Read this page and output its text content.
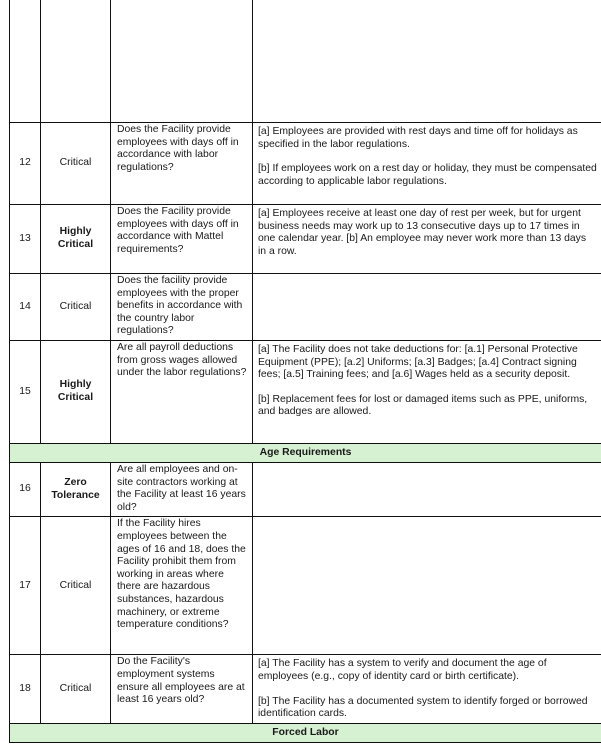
12	Critical	Does the Facility provide employees with days off in accordance with labor regulations?	[a] Employees are provided with rest days and time off for holidays as specified in the labor regulations.

[b] If employees work on a rest day or holiday, they must be compensated according to applicable labor regulations.

13	Highly Critical	Does the Facility provide employees with days off in accordance with Mattel requirements?	[a] Employees receive at least one day of rest per week, but for urgent business needs may work up to 13 consecutive days up to 17 times in one calendar year. [b] An employee may never work more than 13 days in a row.

14	Critical	Does the facility provide employees with the proper benefits in accordance with the country labor regulations?	
15	Highly Critical	Are all payroll deductions from gross wages allowed under the labor regulations?	[a] The Facility does not take deductions for: [a.1] Personal Protective Equipment (PPE); [a.2] Uniforms; [a.3] Badges; [a.4] Contract signing fees; [a.5] Training fees; and [a.6] Wages held as a security deposit.

[b] Replacement fees for lost or damaged items such as PPE, uniforms, and badges are allowed.

Age Requirements			
16	Zero Tolerance	Are all employees and on-site contractors working at the Facility at least 16 years old?	
17	Critical	If the Facility hires employees between the ages of 16 and 18, does the Facility prohibit them from working in areas where there are hazardous substances, hazardous machinery, or extreme temperature conditions?	
18	Critical	Do the Facility's employment systems ensure all employees are at least 16 years old?	[a] The Facility has a system to verify and document the age of employees (e.g., copy of identity card or birth certificate).

[b] The Facility has a documented system to identify forged or borrowed identification cards.

Forced Labor			
